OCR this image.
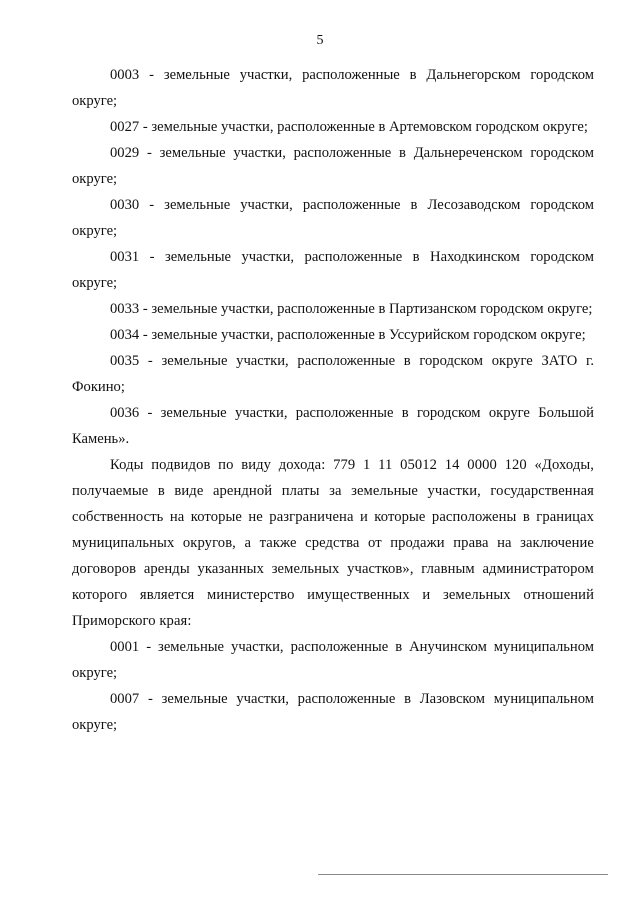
5

0003 - земельные участки, расположенные в Дальнегорском городском округе;

0027 - земельные участки, расположенные в Артемовском городском округе;

0029 - земельные участки, расположенные в Дальнереченском городском округе;

0030 - земельные участки, расположенные в Лесозаводском городском округе;

0031 - земельные участки, расположенные в Находкинском городском округе;

0033 - земельные участки, расположенные в Партизанском городском округе;

0034 - земельные участки, расположенные в Уссурийском городском округе;

0035 - земельные участки, расположенные в городском округе ЗАТО г. Фокино;

0036 - земельные участки, расположенные в городском округе Большой Камень».

Коды подвидов по виду дохода: 779 1 11 05012 14 0000 120 «Доходы, получаемые в виде арендной платы за земельные участки, государственная собственность на которые не разграничена и которые расположены в границах муниципальных округов, а также средства от продажи права на заключение договоров аренды указанных земельных участков», главным администратором которого является министерство имущественных и земельных отношений Приморского края:

0001 - земельные участки, расположенные в Анучинском муниципальном округе;

0007 - земельные участки, расположенные в Лазовском муниципальном округе;
